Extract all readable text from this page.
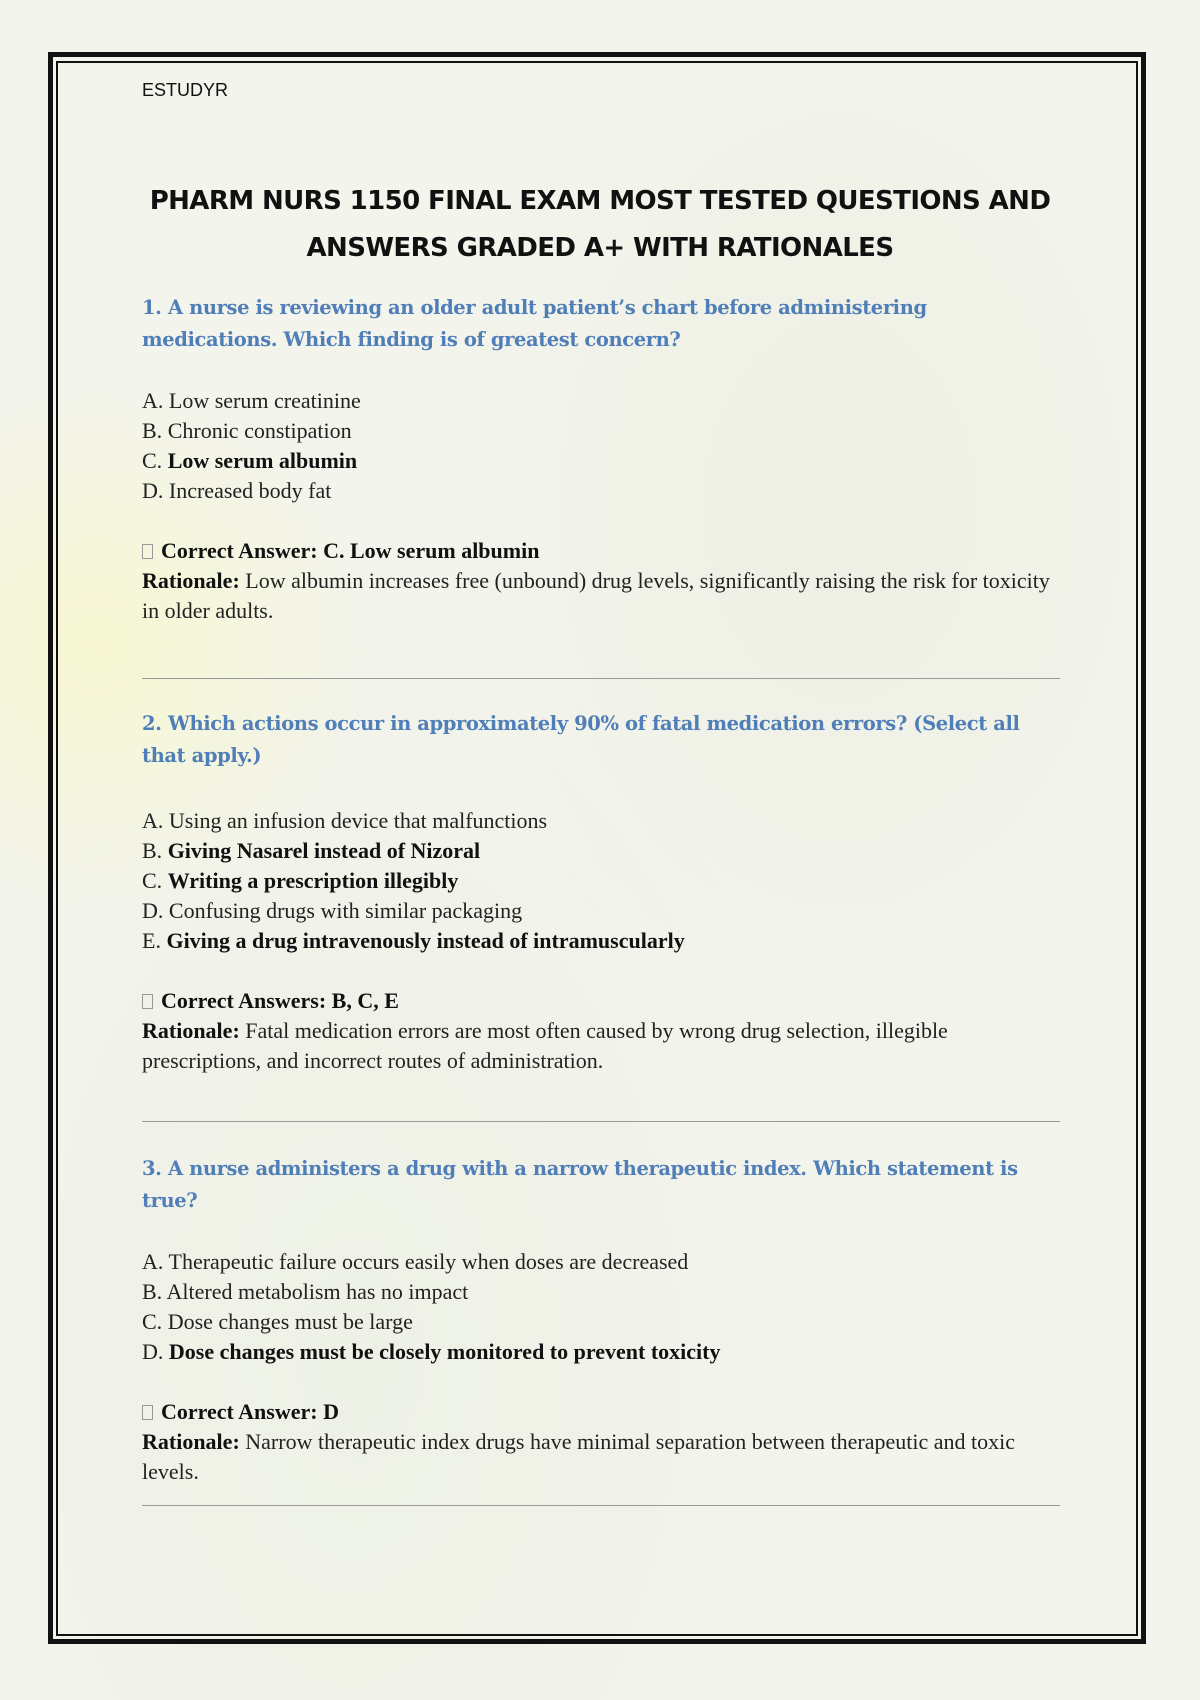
ESTUDYR
PHARM NURS 1150 FINAL EXAM MOST TESTED QUESTIONS AND
ANSWERS GRADED A+ WITH RATIONALES

1. A nurse is reviewing an older adult patient’s chart before administering medications. Which finding is of greatest concern?

A. Low serum creatinine
B. Chronic constipation
C. Low serum albumin
D. Increased body fat
Correct Answer: C. Low serum albumin
Rationale: Low albumin increases free (unbound) drug levels, significantly raising the risk for toxicity in older adults.

2. Which actions occur in approximately 90% of fatal medication errors? (Select all that apply.)

A. Using an infusion device that malfunctions
B. Giving Nasarel instead of Nizoral
C. Writing a prescription illegibly
D. Confusing drugs with similar packaging
E. Giving a drug intravenously instead of intramuscularly
Correct Answers: B, C, E
Rationale: Fatal medication errors are most often caused by wrong drug selection, illegible prescriptions, and incorrect routes of administration.

3. A nurse administers a drug with a narrow therapeutic index. Which statement is true?

A. Therapeutic failure occurs easily when doses are decreased
B. Altered metabolism has no impact
C. Dose changes must be large
D. Dose changes must be closely monitored to prevent toxicity
Correct Answer: D
Rationale: Narrow therapeutic index drugs have minimal separation between therapeutic and toxic levels.
